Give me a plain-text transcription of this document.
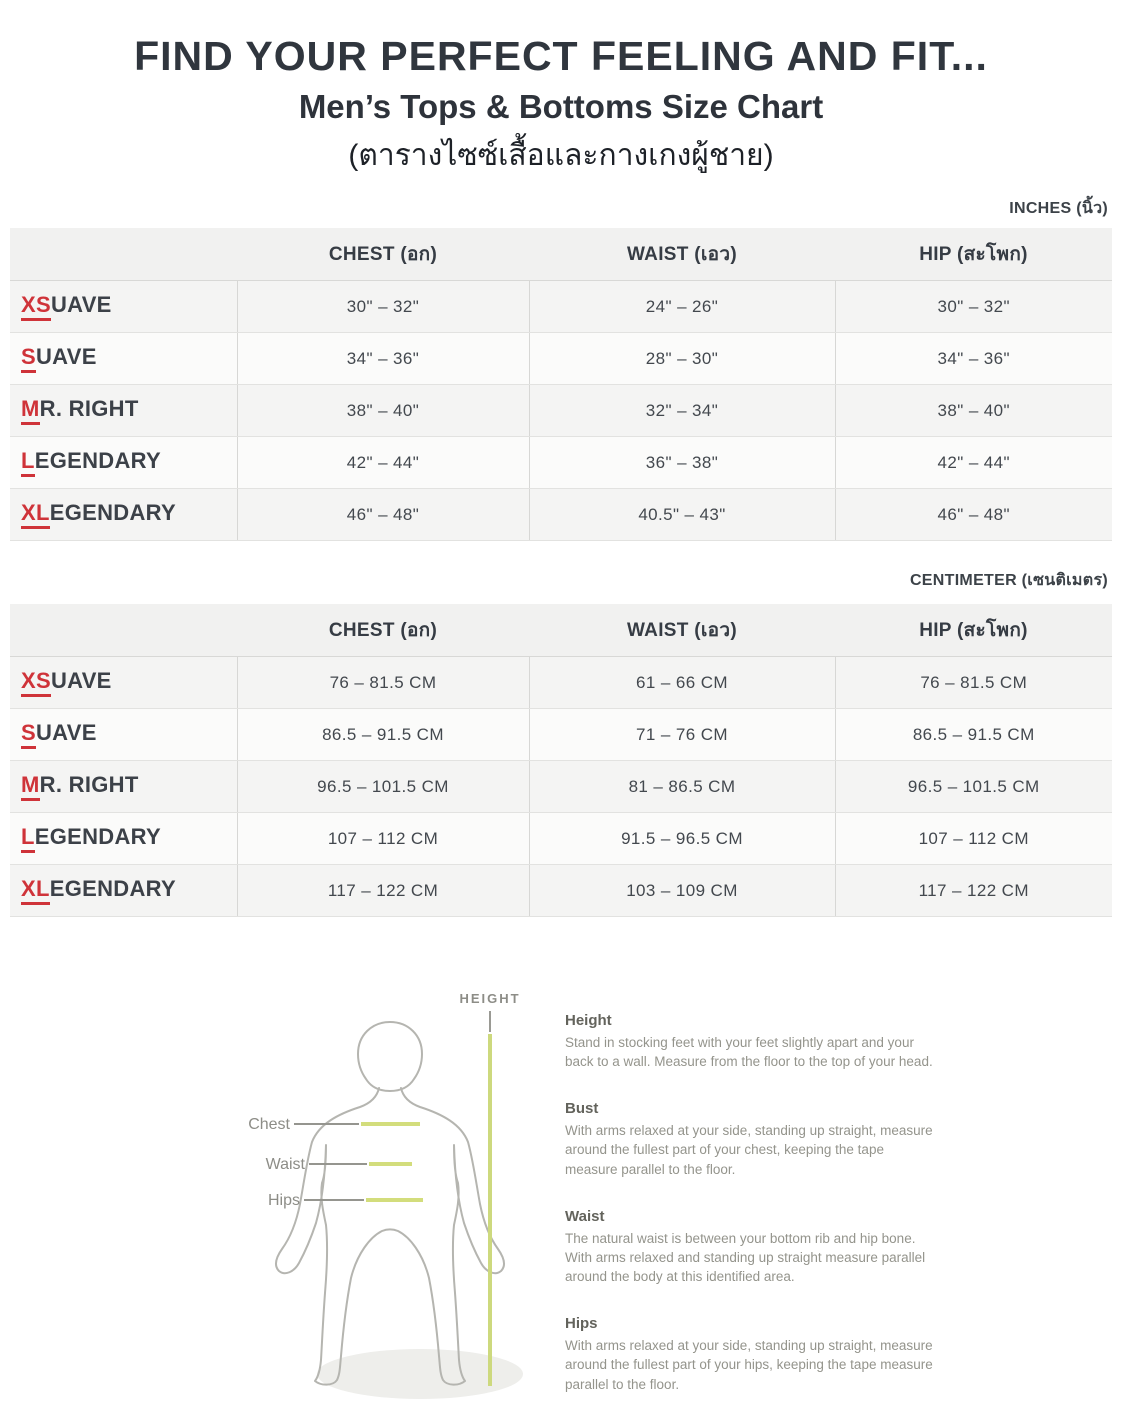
FIND YOUR PERFECT FEELING AND FIT...
Men’s Tops & Bottoms Size Chart
(ตารางไซซ์เสื้อและกางเกงผู้ชาย)
INCHES (นิ้ว)
	CHEST (อก)	WAIST (เอว)	HIP (สะโพก)
XSUAVE	30" – 32"	24" – 26"	30" – 32"
SUAVE	34" – 36"	28" – 30"	34" – 36"
MR. RIGHT	38" – 40"	32" – 34"	38" – 40"
LEGENDARY	42" – 44"	36" – 38"	42" – 44"
XLEGENDARY	46" – 48"	40.5" – 43"	46" – 48"
CENTIMETER (เซนติเมตร)
	CHEST (อก)	WAIST (เอว)	HIP (สะโพก)
XSUAVE	76 – 81.5 CM	61 – 66 CM	76 – 81.5 CM
SUAVE	86.5 – 91.5 CM	71 – 76 CM	86.5 – 91.5 CM
MR. RIGHT	96.5 – 101.5 CM	81 – 86.5 CM	96.5 – 101.5 CM
LEGENDARY	107 – 112 CM	91.5 – 96.5 CM	107 – 112 CM
XLEGENDARY	117 – 122 CM	103 – 109 CM	117 – 122 CM
HEIGHT
Chest
Waist
Hips
Height

Stand in stocking feet with your feet slightly apart and your back to a wall. Measure from the floor to the top of your head.

Bust

With arms relaxed at your side, standing up straight, measure around the fullest part of your chest, keeping the tape measure parallel to the floor.

Waist

The natural waist is between your bottom rib and hip bone. With arms relaxed and standing up straight measure parallel around the body at this identified area.

Hips

With arms relaxed at your side, standing up straight, measure around the fullest part of your hips, keeping the tape measure parallel to the floor.
